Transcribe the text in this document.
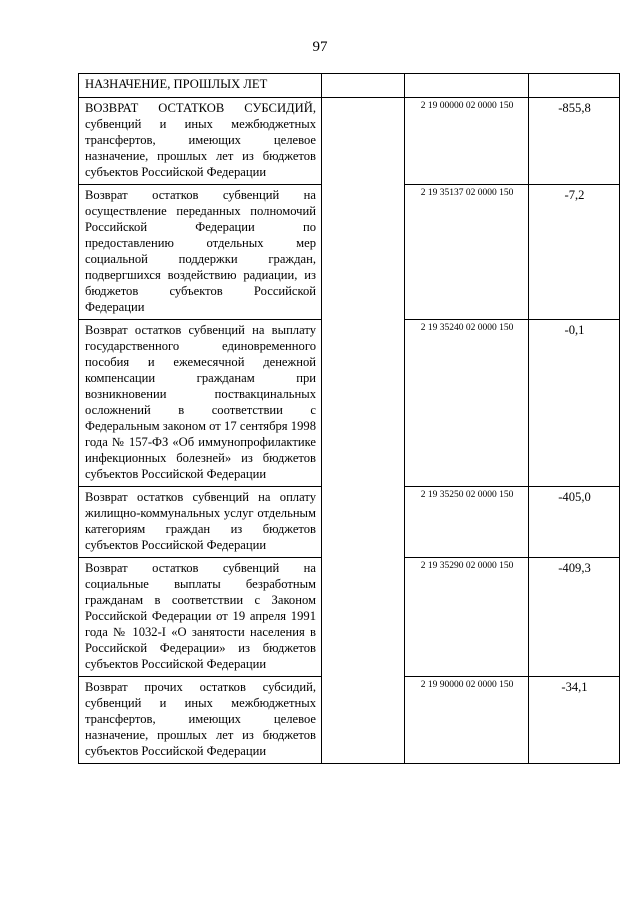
97
НАЗНАЧЕНИЕ, ПРОШЛЫХ ЛЕТ			
ВОЗВРАТ ОСТАТКОВ СУБСИДИЙ, субвенций и иных межбюджетных трансфертов, имеющих целевое назначение, прошлых лет из бюджетов субъектов Российской Федерации		2 19 00000 02 0000 150	-855,8
Возврат остатков субвенций на осуществление переданных полномочий Российской Федерации по предоставлению отдельных мер социальной поддержки граждан, подвергшихся воздействию радиации, из бюджетов субъектов Российской Федерации		2 19 35137 02 0000 150	-7,2
Возврат остатков субвенций на выплату государственного единовременного пособия и ежемесячной денежной компенсации гражданам при возникновении поствакцинальных осложнений в соответствии с Федеральным законом от 17 сентября 1998 года № 157-ФЗ «Об иммунопрофилактике инфекционных болезней» из бюджетов субъектов Российской Федерации		2 19 35240 02 0000 150	-0,1
Возврат остатков субвенций на оплату жилищно-коммунальных услуг отдельным категориям граждан из бюджетов субъектов Российской Федерации		2 19 35250 02 0000 150	-405,0
Возврат остатков субвенций на социальные выплаты безработным гражданам в соответствии с Законом Российской Федерации от 19 апреля 1991 года № 1032-I «О занятости населения в Российской Федерации» из бюджетов субъектов Российской Федерации		2 19 35290 02 0000 150	-409,3
Возврат прочих остатков субсидий, субвенций и иных межбюджетных трансфертов, имеющих целевое назначение, прошлых лет из бюджетов субъектов Российской Федерации		2 19 90000 02 0000 150	-34,1
